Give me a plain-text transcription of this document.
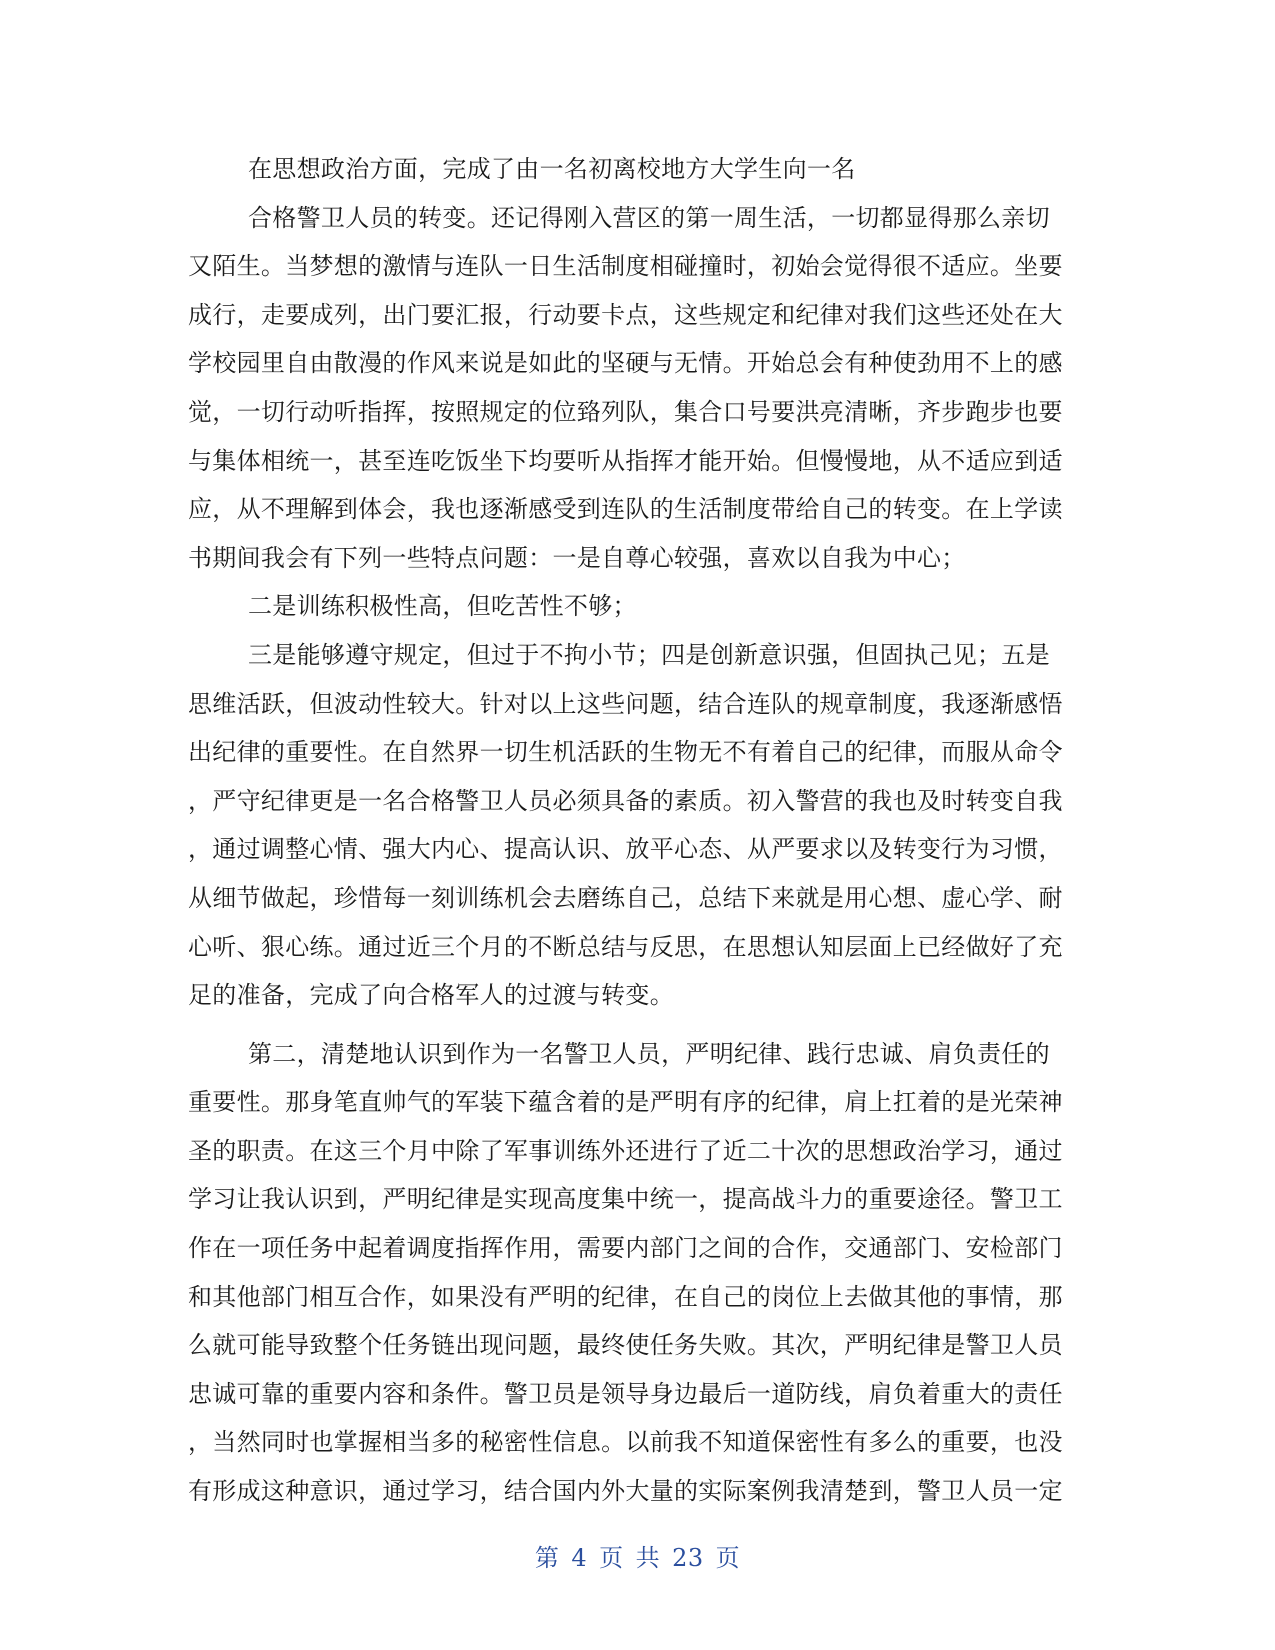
在思想政治方面，完成了由一名初离校地方大学生向一名
合格警卫人员的转变。还记得刚入营区的第一周生活，一切都显得那么亲切
又陌生。当梦想的激情与连队一日生活制度相碰撞时，初始会觉得很不适应。坐要
成行，走要成列，出门要汇报，行动要卡点，这些规定和纪律对我们这些还处在大
学校园里自由散漫的作风来说是如此的坚硬与无情。开始总会有种使劲用不上的感
觉，一切行动听指挥，按照规定的位臵列队，集合口号要洪亮清晰，齐步跑步也要
与集体相统一，甚至连吃饭坐下均要听从指挥才能开始。但慢慢地，从不适应到适
应，从不理解到体会，我也逐渐感受到连队的生活制度带给自己的转变。在上学读
书期间我会有下列一些特点问题：一是自尊心较强，喜欢以自我为中心；
二是训练积极性高，但吃苦性不够；
三是能够遵守规定，但过于不拘小节；四是创新意识强，但固执己见；五是
思维活跃，但波动性较大。针对以上这些问题，结合连队的规章制度，我逐渐感悟
出纪律的重要性。在自然界一切生机活跃的生物无不有着自己的纪律，而服从命令
，严守纪律更是一名合格警卫人员必须具备的素质。初入警营的我也及时转变自我
，通过调整心情、强大内心、提高认识、放平心态、从严要求以及转变行为习惯，
从细节做起，珍惜每一刻训练机会去磨练自己，总结下来就是用心想、虚心学、耐
心听、狠心练。通过近三个月的不断总结与反思，在思想认知层面上已经做好了充
足的准备，完成了向合格军人的过渡与转变。
第二，清楚地认识到作为一名警卫人员，严明纪律、践行忠诚、肩负责任的
重要性。那身笔直帅气的军装下蕴含着的是严明有序的纪律，肩上扛着的是光荣神
圣的职责。在这三个月中除了军事训练外还进行了近二十次的思想政治学习，通过
学习让我认识到，严明纪律是实现高度集中统一，提高战斗力的重要途径。警卫工
作在一项任务中起着调度指挥作用，需要内部门之间的合作，交通部门、安检部门
和其他部门相互合作，如果没有严明的纪律，在自己的岗位上去做其他的事情，那
么就可能导致整个任务链出现问题，最终使任务失败。其次，严明纪律是警卫人员
忠诚可靠的重要内容和条件。警卫员是领导身边最后一道防线，肩负着重大的责任
，当然同时也掌握相当多的秘密性信息。以前我不知道保密性有多么的重要，也没
有形成这种意识，通过学习，结合国内外大量的实际案例我清楚到，警卫人员一定
第 4 页 共 23 页
